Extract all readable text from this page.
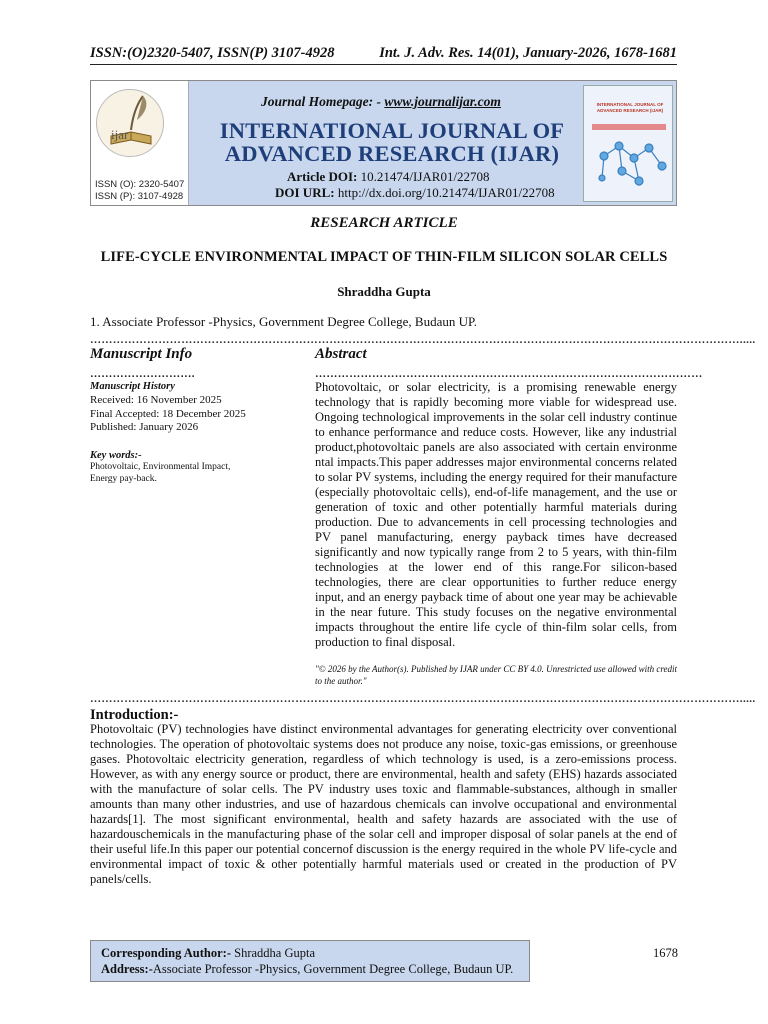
ISSN:(O)2320-5407, ISSN(P) 3107-4928	Int. J. Adv. Res. 14(01), January-2026, 1678-1681
ijar
ISSN (O): 2320-5407
ISSN (P): 3107-4928
Journal Homepage: - www.journalijar.com
INTERNATIONAL JOURNAL OF
ADVANCED RESEARCH (IJAR)
Article DOI: 10.21474/IJAR01/22708
DOI URL: http://dx.doi.org/10.21474/IJAR01/22708
INTERNATIONAL JOURNAL OF ADVANCED RESEARCH (IJAR)
RESEARCH ARTICLE
LIFE-CYCLE ENVIRONMENTAL IMPACT OF THIN-FILM SILICON SOLAR CELLS
Shraddha Gupta
1. Associate Professor -Physics, Government Degree College, Budaun UP.
……………………………………………………………………………………………………………………………………………………….....
Manuscript Info
……………………….
Manuscript History
Received: 16 November 2025
Final Accepted: 18 December 2025
Published: January 2026
Key words:-
Photovoltaic, Environmental Impact,
Energy pay-back.
Abstract
…………………………………………………………………………………………
Photovoltaic, or solar electricity, is a promising renewable energy technology that is rapidly becoming more viable for widespread use. Ongoing technological improvements in the solar cell industry continue to enhance performance and reduce costs. However, like any industrial product,photovoltaic panels are also associated with certain environme ntal impacts.This paper addresses major environmental concerns related to solar PV systems, including the energy required for their manufacture (especially photovoltaic cells), end-of-life management, and the use or generation of toxic and other potentially harmful materials during production. Due to advancements in cell processing technologies and PV panel manufacturing, energy payback times have decreased significantly and now typically range from 2 to 5 years, with thin-film technologies at the lower end of this range.For silicon-based technologies, there are clear opportunities to further reduce energy input, and an energy payback time of about one year may be achievable in the near future. This study focuses on the negative environmental impacts throughout the entire life cycle of thin-film solar cells, from production to final disposal.
"© 2026 by the Author(s). Published by IJAR under CC BY 4.0. Unrestricted use allowed with credit to the author."
……………………………………………………………………………………………………………………………………………………….....
Introduction:-
Photovoltaic (PV) technologies have distinct environmental advantages for generating electricity over conventional technologies. The operation of photovoltaic systems does not produce any noise, toxic-gas emissions, or greenhouse gases. Photovoltaic electricity generation, regardless of which technology is used, is a zero-emissions process. However, as with any energy source or product, there are environmental, health and safety (EHS) hazards associated with the manufacture of solar cells. The PV industry uses toxic and flammable-substances, although in smaller amounts than many other industries, and use of hazardous chemicals can involve occupational and environmental hazards[1]. The most significant environmental, health and safety hazards are associated with the use of hazardouschemicals in the manufacturing phase of the solar cell and improper disposal of solar panels at the end of their useful life.In this paper our potential concernof discussion is the energy required in the whole PV life-cycle and environmental impact of toxic & other potentially harmful materials used or created in the production of PV panels/cells.
Corresponding Author:- Shraddha Gupta
Address:-Associate Professor -Physics, Government Degree College, Budaun UP.
1678
